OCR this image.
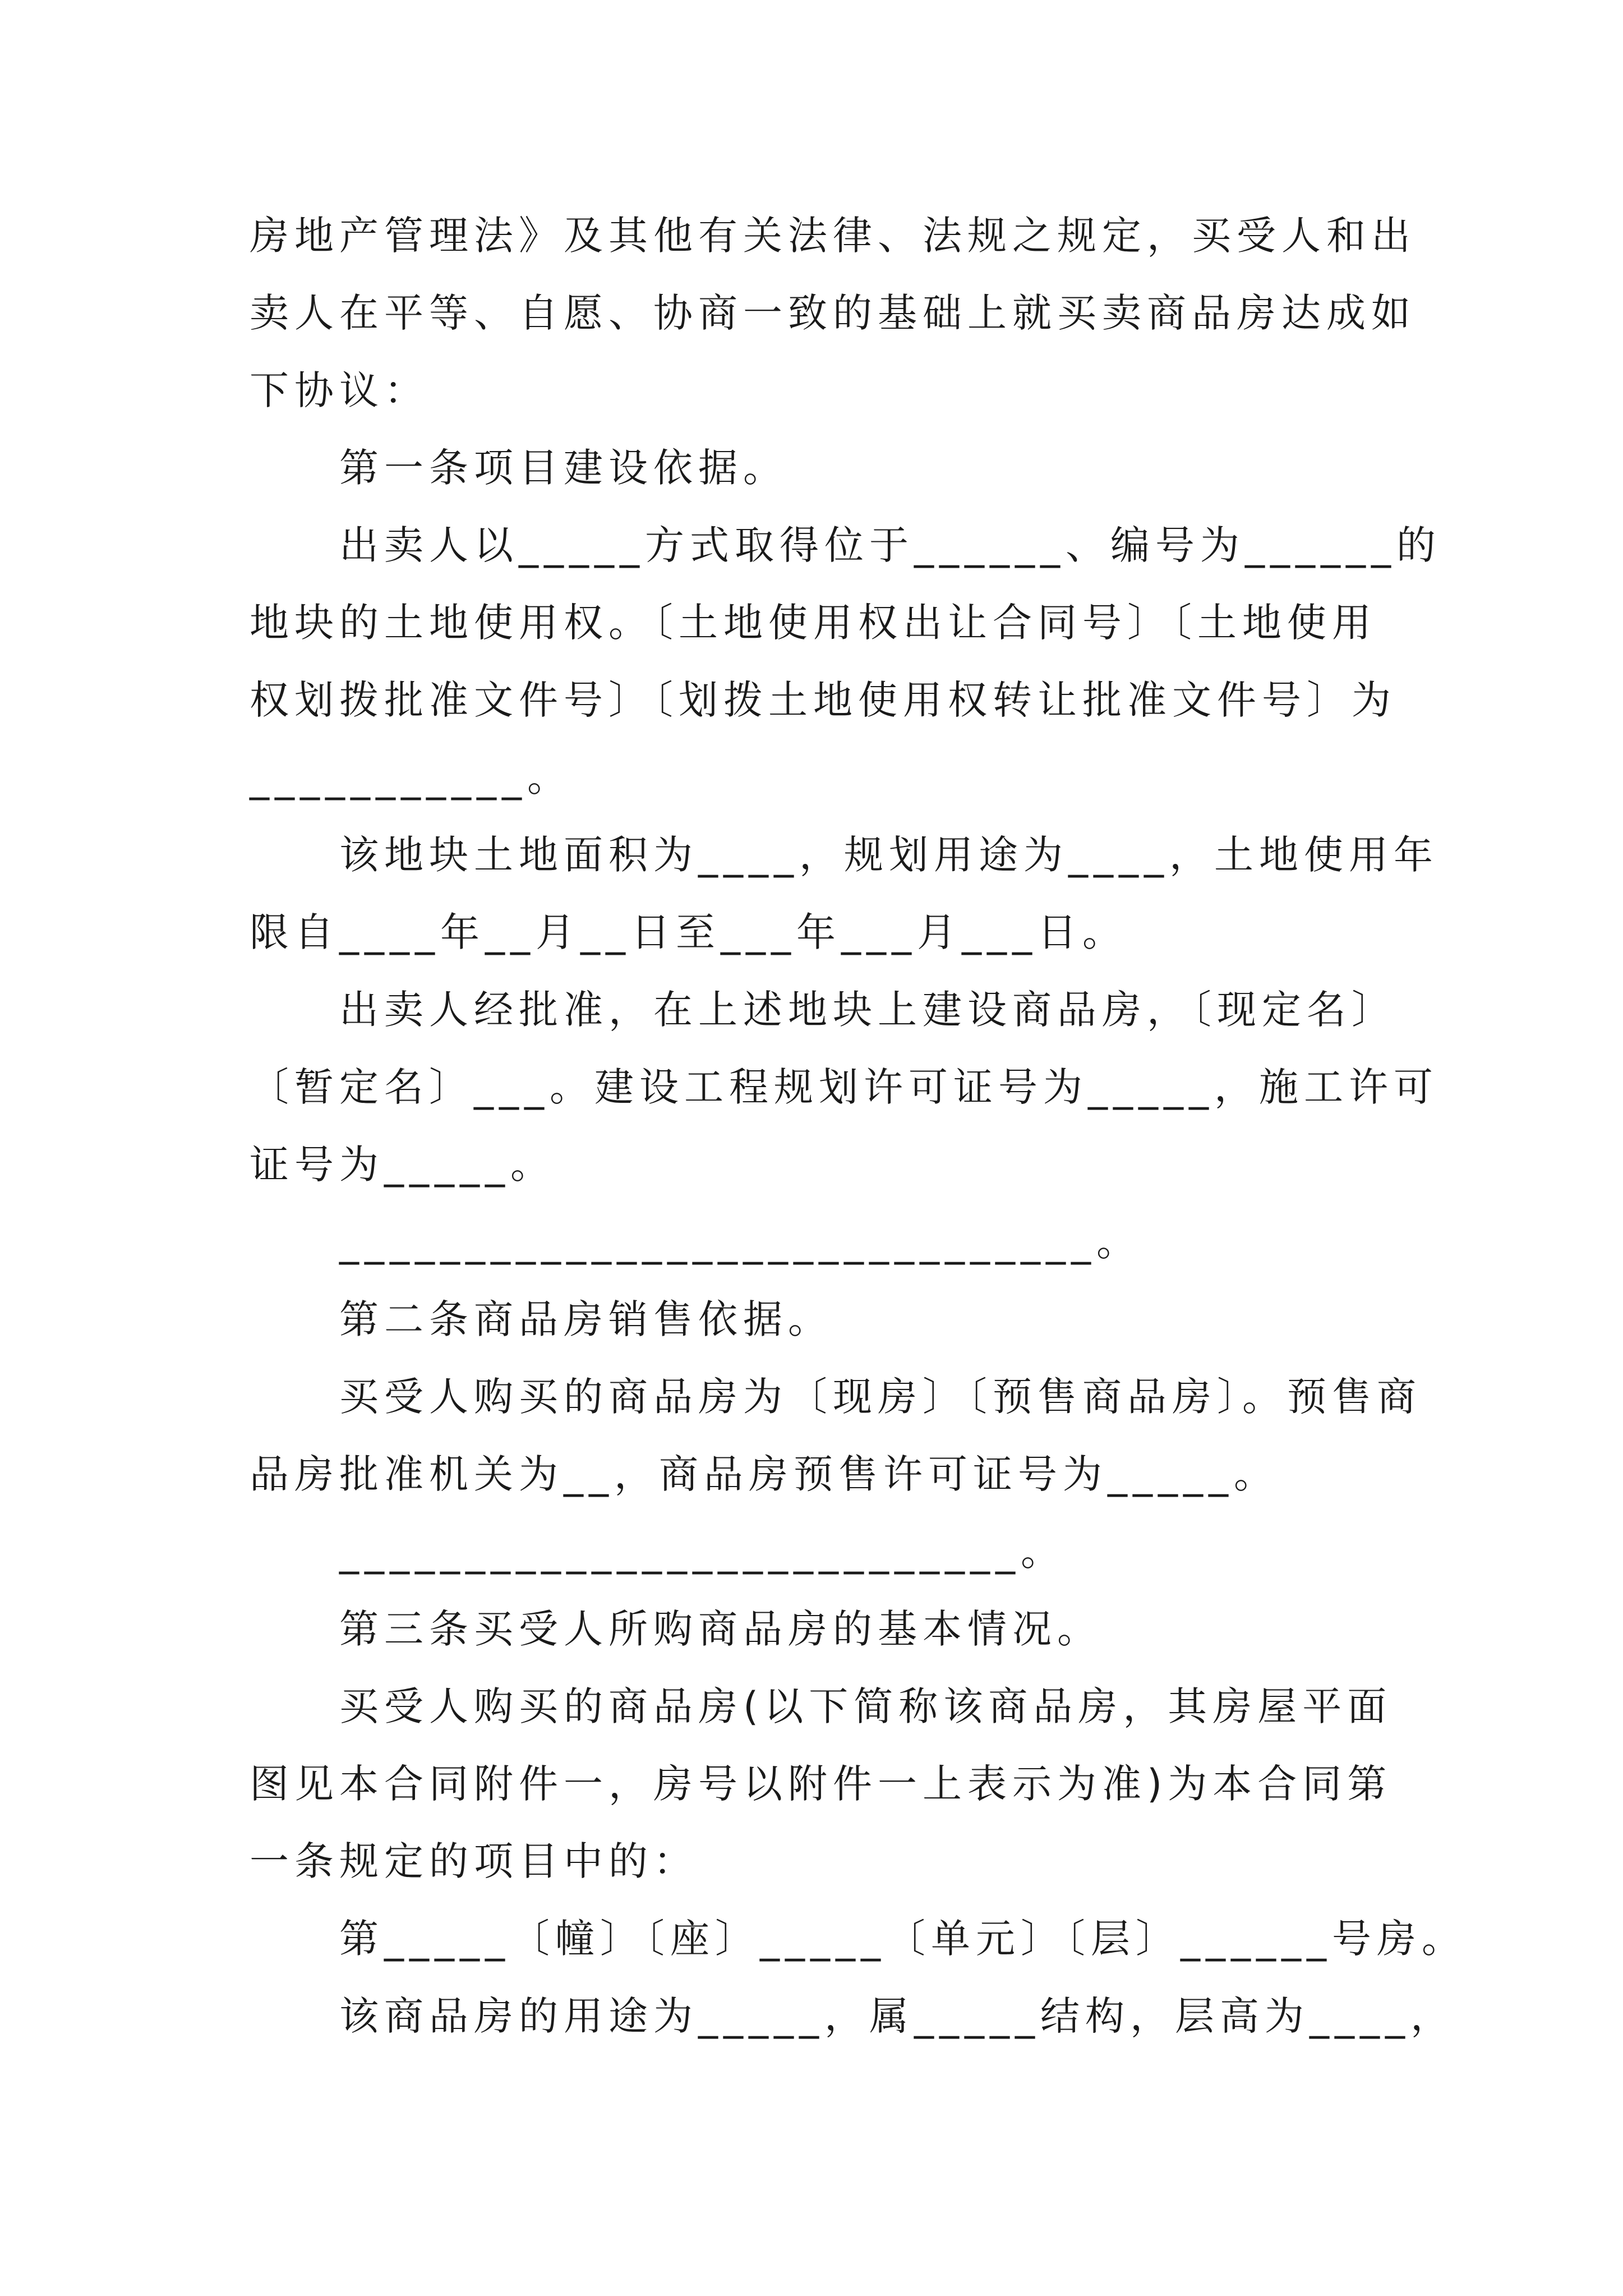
房地产管理法》及其他有关法律、法规之规定，买受人和出
卖人在平等、自愿、协商一致的基础上就买卖商品房达成如
下协议：
第一条项目建设依据。
出卖人以_____方式取得位于______、编号为______的
地块的土地使用权。〔土地使用权出让合同号〕〔土地使用
权划拨批准文件号〕〔划拨土地使用权转让批准文件号〕为
___________。
该地块土地面积为____，规划用途为____，土地使用年
限自____年__月__日至___年___月___日。
出卖人经批准，在上述地块上建设商品房，〔现定名〕
〔暂定名〕___。建设工程规划许可证号为_____，施工许可
证号为_____。
______________________________。
第二条商品房销售依据。
买受人购买的商品房为〔现房〕〔预售商品房〕。预售商
品房批准机关为__，商品房预售许可证号为_____。
___________________________。
第三条买受人所购商品房的基本情况。
买受人购买的商品房(以下简称该商品房，其房屋平面
图见本合同附件一，房号以附件一上表示为准)为本合同第
一条规定的项目中的：
第_____〔幢〕〔座〕_____〔单元〕〔层〕______号房。
该商品房的用途为_____，属_____结构，层高为____，
